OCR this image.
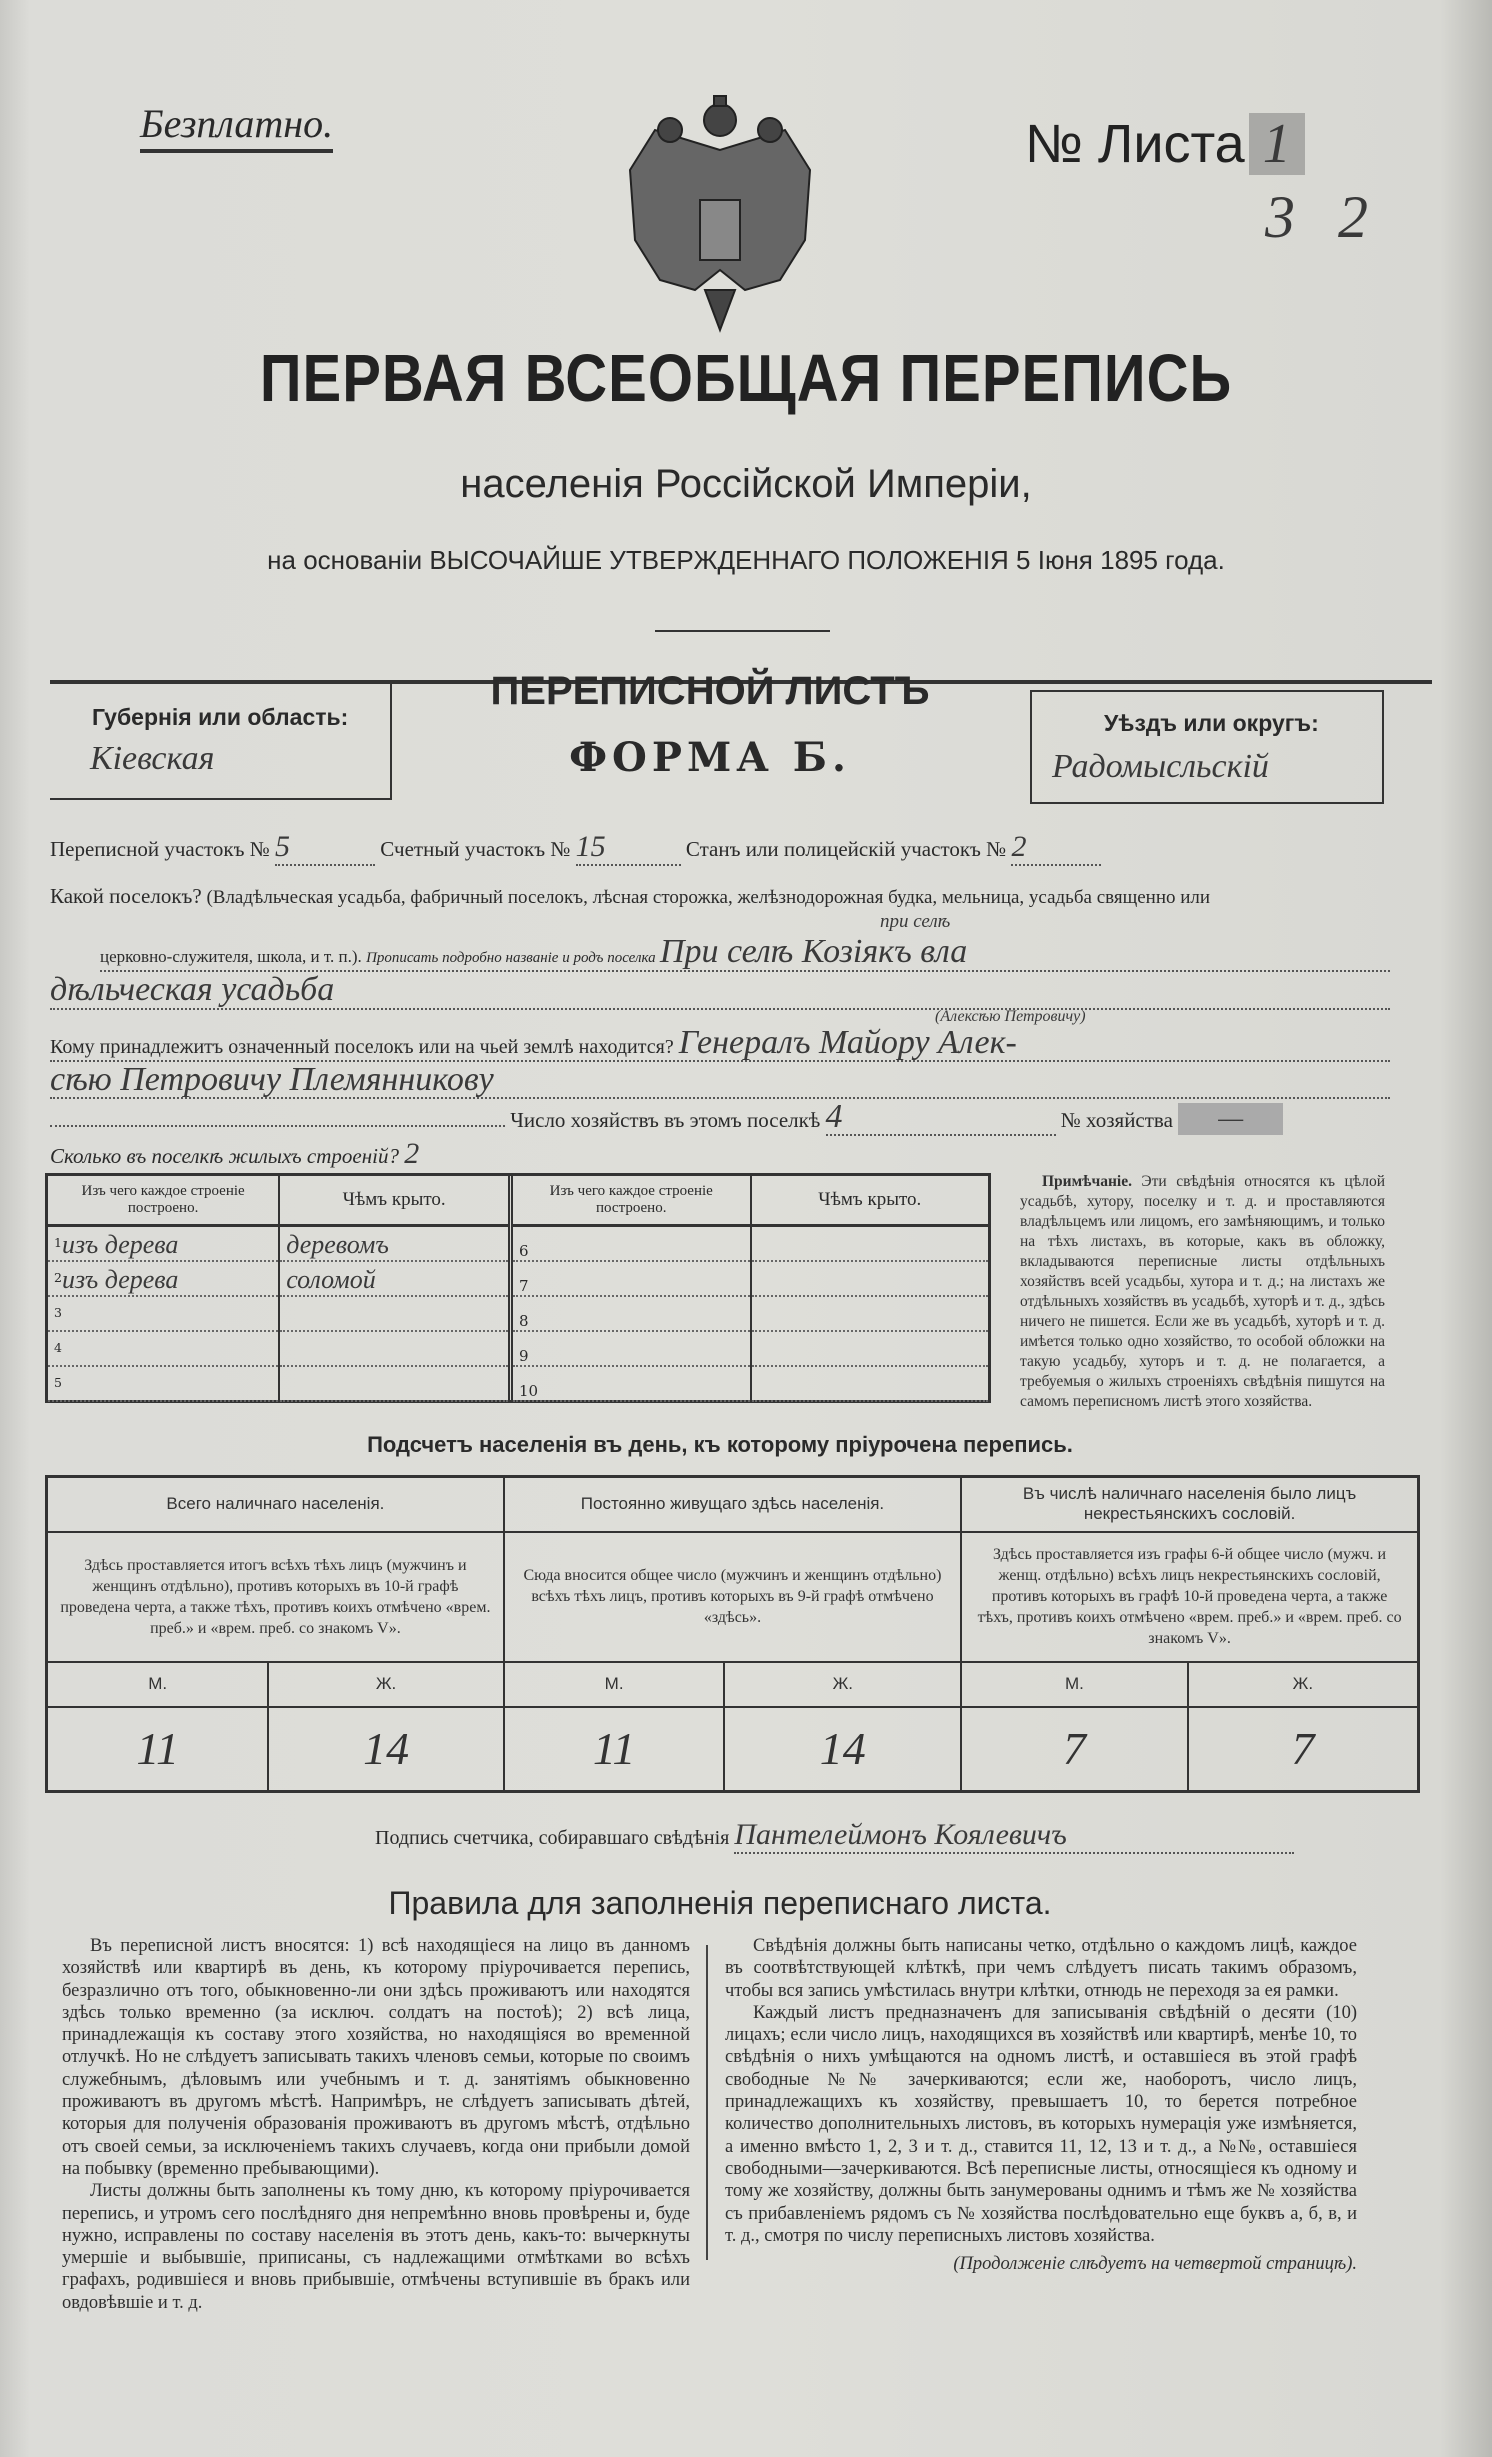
Безплатно.	№ Листа 1
3 2
ПЕРВАЯ ВСЕОБЩАЯ ПЕРЕПИСЬ
населенія Россійской Имперіи,
на основаніи ВЫСОЧАЙШЕ УТВЕРЖДЕННАГО ПОЛОЖЕНІЯ 5 Іюня 1895 года.
Губернія или область:
Кіевская
ПЕРЕПИСНОЙ ЛИСТЪ
ФОРМА Б.
Уѣздъ или округъ:
Радомысльскій
Переписной участокъ № 5	Счетный участокъ № 15	Станъ или полицейскій участокъ № 2
Какой поселокъ? (Владѣльческая усадьба, фабричный поселокъ, лѣсная сторожка, желѣзнодорожная будка, мельница, усадьба священно или
при селѣ
церковно-служителя, школа, и т. п.). Прописать подробно названіе и родъ поселка При селѣ Козіякъ вла
дѣльческая усадьба
(Алексѣю Петровичу)
Кому принадлежитъ означенный поселокъ или на чьей землѣ находится? Генералъ Майору Алек-
сѣю Петровичу Племянникову
Число хозяйствъ въ этомъ поселкѣ 4	№ хозяйства —
Сколько въ поселкѣ жилыхъ строеній? 2
Изъ чего каждое строеніе построено.	Чѣмъ крыто.
$^1$изъ дерева	деревомъ
$^2$изъ дерева	соломой
$^3$	
$^4$	
$^5$	
Изъ чего каждое строеніе построено.	Чѣмъ крыто.
6	
7	
8	
9	
10	
Примѣчаніе. Эти свѣдѣнія относятся къ цѣлой усадьбѣ, хутору, поселку и т. д. и проставляются владѣльцемъ или лицомъ, его замѣняющимъ, и только на тѣхъ листахъ, въ которые, какъ въ обложку, вкладываются переписные листы отдѣльныхъ хозяйствъ всей усадьбы, хутора и т. д.; на листахъ же отдѣльныхъ хозяйствъ въ усадьбѣ, хуторѣ и т. д., здѣсь ничего не пишется. Если же въ усадьбѣ, хуторѣ и т. д. имѣется только одно хозяйство, то особой обложки на такую усадьбу, хуторъ и т. д. не полагается, а требуемыя о жилыхъ строеніяхъ свѣдѣнія пишутся на самомъ переписномъ листѣ этого хозяйства.
Подсчетъ населенія въ день, къ которому пріурочена перепись.
Всего наличнаго населенія.		Постоянно живущаго здѣсь населенія.		Въ числѣ наличнаго населенія было лицъ некрестьянскихъ сословій.	
Здѣсь проставляется итогъ всѣхъ тѣхъ лицъ (мужчинъ и женщинъ отдѣльно), противъ которыхъ въ 10-й графѣ проведена черта, а также тѣхъ, противъ коихъ отмѣчено «врем. преб.» и «врем. преб. со знакомъ V».		Сюда вносится общее число (мужчинъ и женщинъ отдѣльно) всѣхъ тѣхъ лицъ, противъ которыхъ въ 9-й графѣ отмѣчено «здѣсь».		Здѣсь проставляется изъ графы 6-й общее число (мужч. и женщ. отдѣльно) всѣхъ лицъ некрестьянскихъ сословій, противъ которыхъ въ графѣ 10-й проведена черта, а также тѣхъ, противъ коихъ отмѣчено «врем. преб.» и «врем. преб. со знакомъ V».	
М.	Ж.	М.	Ж.	М.	Ж.
11	14	11	14	7	7
Подпись счетчика, собиравшаго свѣдѣнія Пантелеймонъ Коялевичъ
Правила для заполненія переписнаго листа.

Въ переписной листъ вносятся: 1) всѣ находящіеся на лицо въ данномъ хозяйствѣ или квартирѣ въ день, къ которому пріурочивается перепись, безразлично отъ того, обыкновенно-ли они здѣсь проживаютъ или находятся здѣсь только временно (за исключ. солдатъ на постоѣ); 2) всѣ лица, принадлежащія къ составу этого хозяйства, но находящіяся во временной отлучкѣ. Но не слѣдуетъ записывать такихъ членовъ семьи, которые по своимъ служебнымъ, дѣловымъ или учебнымъ и т. д. занятіямъ обыкновенно проживаютъ въ другомъ мѣстѣ. Напримѣръ, не слѣдуетъ записывать дѣтей, которыя для полученія образованія проживаютъ въ другомъ мѣстѣ, отдѣльно отъ своей семьи, за исключеніемъ такихъ случаевъ, когда они прибыли домой на побывку (временно пребывающими).

Листы должны быть заполнены къ тому дню, къ которому пріурочивается перепись, и утромъ сего послѣдняго дня непремѣнно вновь провѣрены и, буде нужно, исправлены по составу населенія въ этотъ день, какъ-то: вычеркнуты умершіе и выбывшіе, приписаны, съ надлежащими отмѣтками во всѣхъ графахъ, родившіеся и вновь прибывшіе, отмѣчены вступившіе въ бракъ или овдовѣвшіе и т. д.

Свѣдѣнія должны быть написаны четко, отдѣльно о каждомъ лицѣ, каждое въ соотвѣтствующей клѣткѣ, при чемъ слѣдуетъ писать такимъ образомъ, чтобы вся запись умѣстилась внутри клѣтки, отнюдь не переходя за ея рамки.

Каждый листъ предназначенъ для записыванія свѣдѣній о десяти (10) лицахъ; если число лицъ, находящихся въ хозяйствѣ или квартирѣ, менѣе 10, то свѣдѣнія о нихъ умѣщаются на одномъ листѣ, и оставшіеся въ этой графѣ свободные №№ зачеркиваются; если же, наоборотъ, число лицъ, принадлежащихъ къ хозяйству, превышаетъ 10, то берется потребное количество дополнительныхъ листовъ, въ которыхъ нумерація уже измѣняется, а именно вмѣсто 1, 2, 3 и т. д., ставится 11, 12, 13 и т. д., а №№, оставшіеся свободными—зачеркиваются. Всѣ переписные листы, относящіеся къ одному и тому же хозяйству, должны быть занумерованы однимъ и тѣмъ же № хозяйства съ прибавленіемъ рядомъ съ № хозяйства послѣдовательно еще буквъ а, б, в, и т. д., смотря по числу переписныхъ листовъ хозяйства.

(Продолженіе слѣдуетъ на четвертой страницѣ).
